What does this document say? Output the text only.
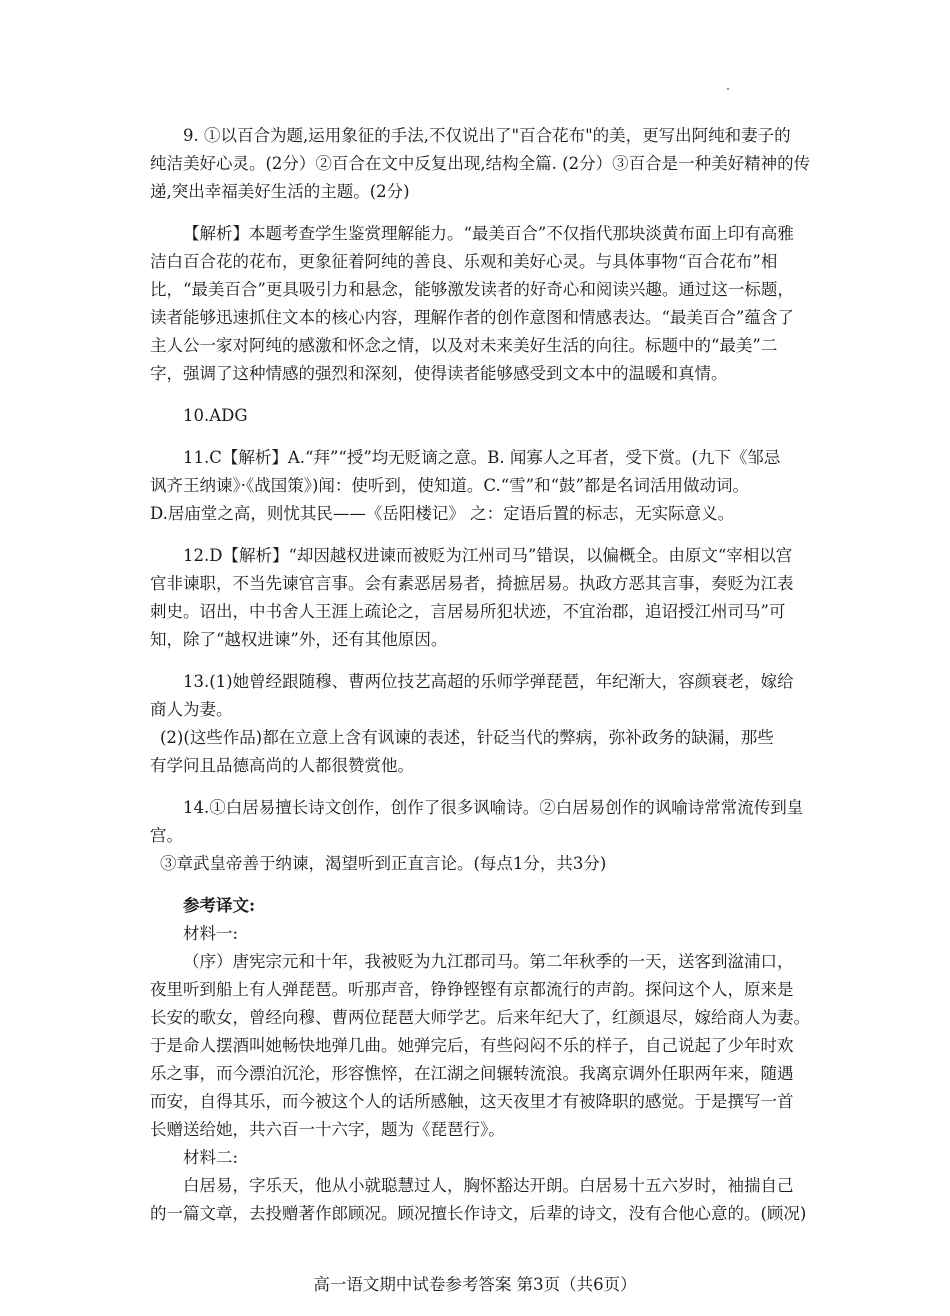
9. ①以百合为题,运用象征的手法,不仅说出了"百合花布"的美，更写出阿纯和妻子的

纯洁美好心灵。(2分）②百合在文中反复出现,结构全篇. (2分）③百合是一种美好精神的传

递,突出幸福美好生活的主题。(2分)

【解析】本题考查学生鉴赏理解能力。“最美百合”不仅指代那块淡黄布面上印有高雅

洁白百合花的花布，更象征着阿纯的善良、乐观和美好心灵。与具体事物“百合花布”相

比，“最美百合”更具吸引力和悬念，能够激发读者的好奇心和阅读兴趣。通过这一标题，

读者能够迅速抓住文本的核心内容，理解作者的创作意图和情感表达。“最美百合”蕴含了

主人公一家对阿纯的感激和怀念之情，以及对未来美好生活的向往。标题中的“最美”二

字，强调了这种情感的强烈和深刻，使得读者能够感受到文本中的温暖和真情。

10.ADG

11.C【解析】A.“拜”“授”均无贬谪之意。B. 闻寡人之耳者，受下赏。(九下《邹忌

讽齐王纳谏》·《战国策》)闻：使听到，使知道。C.“雪”和“鼓”都是名词活用做动词。

D.居庙堂之高，则忧其民——《岳阳楼记》 之：定语后置的标志，无实际意义。

12.D【解析】“却因越权进谏而被贬为江州司马”错误，以偏概全。由原文“宰相以宫

官非谏职，不当先谏官言事。会有素恶居易者，掎摭居易。执政方恶其言事，奏贬为江表

刺史。诏出，中书舍人王涯上疏论之，言居易所犯状迹，不宜治郡，追诏授江州司马”可

知，除了“越权进谏”外，还有其他原因。

13.(1)她曾经跟随穆、曹两位技艺高超的乐师学弹琵琶，年纪渐大，容颜衰老，嫁给

商人为妻。

(2)(这些作品)都在立意上含有讽谏的表述，针砭当代的弊病，弥补政务的缺漏，那些

有学问且品德高尚的人都很赞赏他。

14.①白居易擅长诗文创作，创作了很多讽喻诗。②白居易创作的讽喻诗常常流传到皇

宫。

③章武皇帝善于纳谏，渴望听到正直言论。(每点1分，共3分)

参考译文:

材料一:

（序）唐宪宗元和十年，我被贬为九江郡司马。第二年秋季的一天，送客到湓浦口，

夜里听到船上有人弹琵琶。听那声音，铮铮铿铿有京都流行的声韵。探问这个人，原来是

长安的歌女，曾经向穆、曹两位琵琶大师学艺。后来年纪大了，红颜退尽，嫁给商人为妻。

于是命人摆酒叫她畅快地弹几曲。她弹完后，有些闷闷不乐的样子，自己说起了少年时欢

乐之事，而今漂泊沉沦，形容憔悴，在江湖之间辗转流浪。我离京调外任职两年来，随遇

而安，自得其乐，而今被这个人的话所感触，这天夜里才有被降职的感觉。于是撰写一首

长赠送给她，共六百一十六字，题为《琵琶行》。

材料二:

白居易，字乐天，他从小就聪慧过人，胸怀豁达开朗。白居易十五六岁时，袖揣自己

的一篇文章，去投赠著作郎顾况。顾况擅长作诗文，后辈的诗文，没有合他心意的。(顾况)

高一语文期中试卷参考答案 第3页（共6页）
